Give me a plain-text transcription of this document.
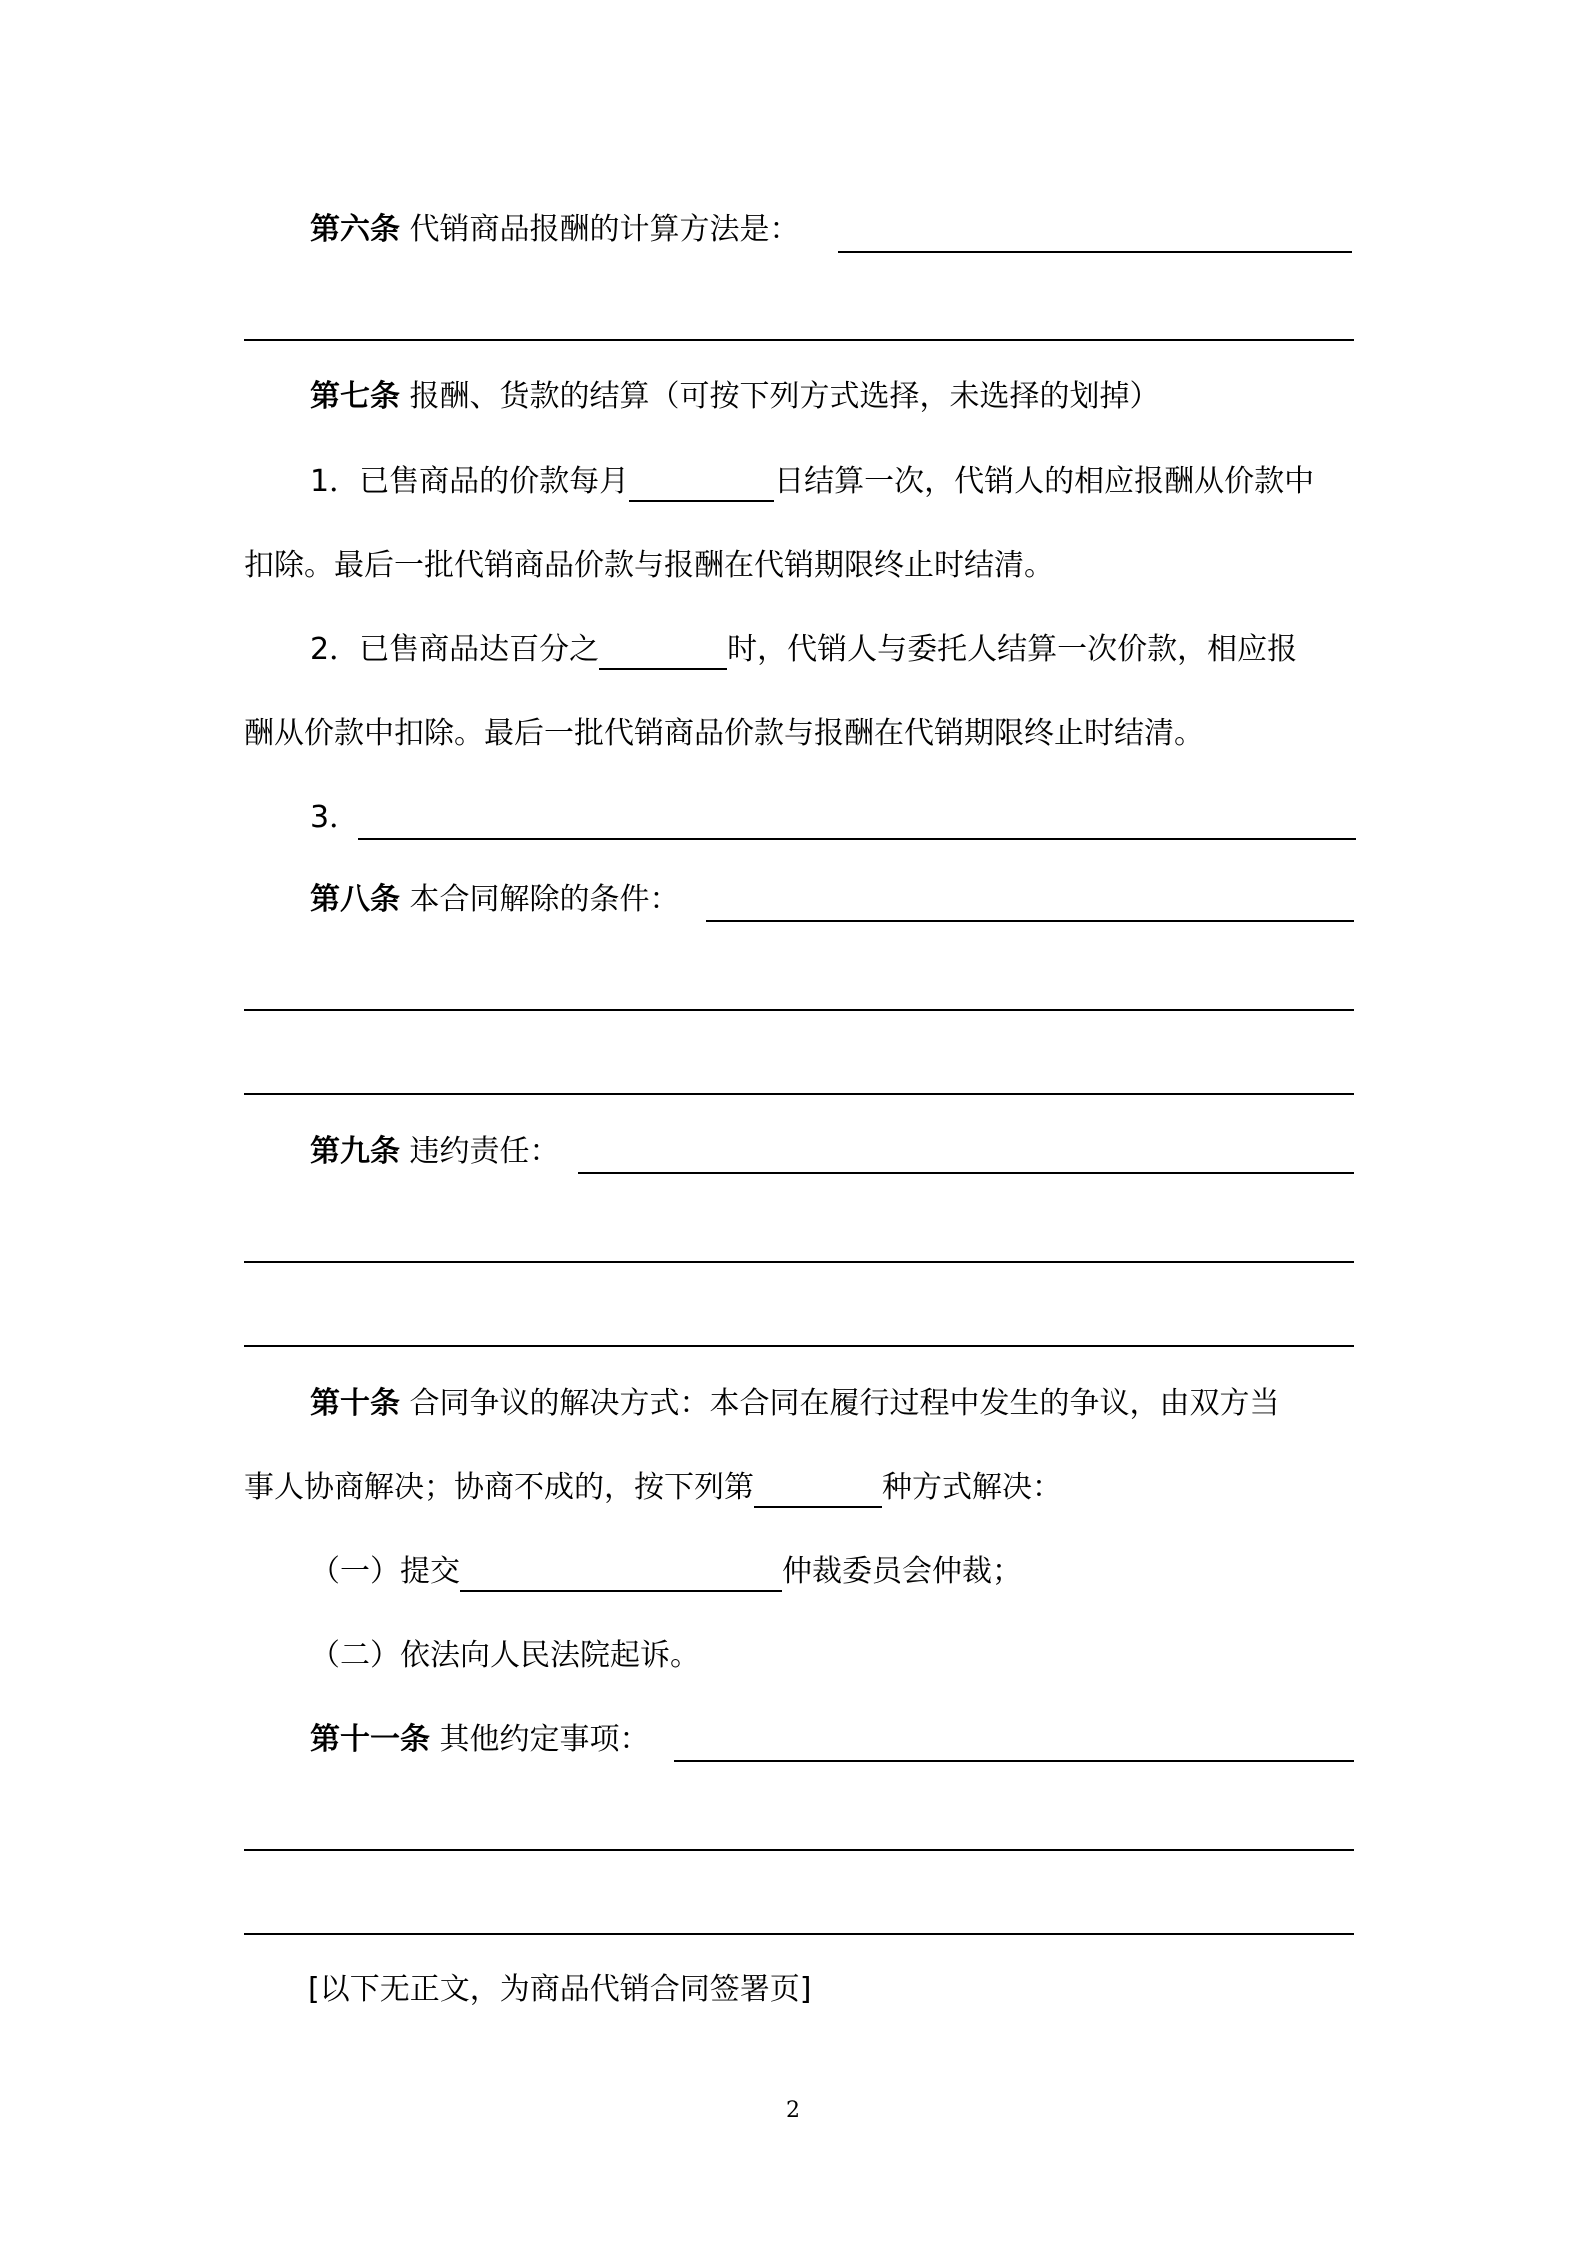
第六条 代销商品报酬的计算方法是：
第七条 报酬、货款的结算（可按下列方式选择，未选择的划掉）
1．已售商品的价款每月	日结算一次，代销人的相应报酬从价款中
扣除。最后一批代销商品价款与报酬在代销期限终止时结清。
2．已售商品达百分之	时，代销人与委托人结算一次价款，相应报
酬从价款中扣除。最后一批代销商品价款与报酬在代销期限终止时结清。
3．
第八条 本合同解除的条件：
第九条 违约责任：
第十条 合同争议的解决方式：本合同在履行过程中发生的争议，由双方当
事人协商解决；协商不成的，按下列第	种方式解决：
（一）提交	仲裁委员会仲裁；
（二）依法向人民法院起诉。
第十一条 其他约定事项：
[以下无正文，为商品代销合同签署页]
2
